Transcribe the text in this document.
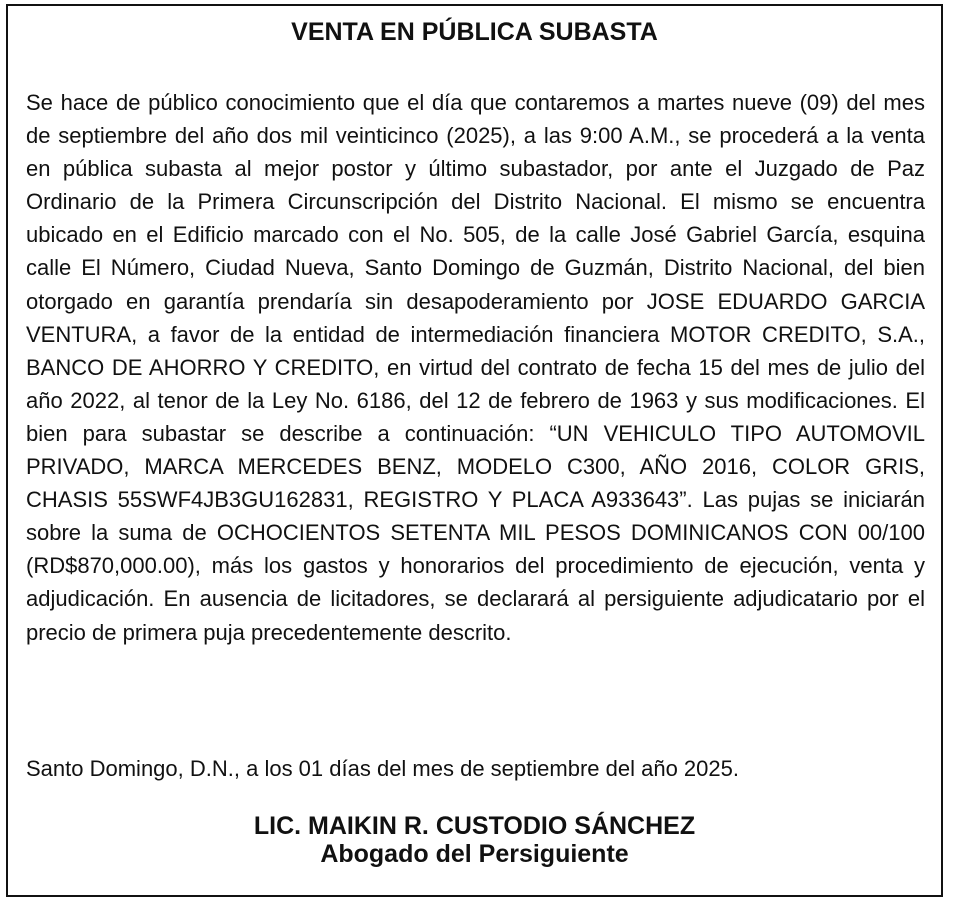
VENTA EN PÚBLICA SUBASTA

Se hace de público conocimiento que el día que contaremos a martes nueve (09) del mes de septiembre del año dos mil veinticinco (2025), a las 9:00 A.M., se procederá a la venta en pública subasta al mejor postor y último subastador, por ante el Juzgado de Paz Ordinario de la Primera Circunscripción del Distrito Nacional. El mismo se encuentra ubicado en el Edificio marcado con el No. 505, de la calle José Gabriel García, esquina calle El Número, Ciudad Nueva, Santo Domingo de Guzmán, Distrito Nacional, del bien otorgado en garantía prendaría sin desapoderamiento por JOSE EDUARDO GARCIA VENTURA, a favor de la entidad de intermediación financiera MOTOR CREDITO, S.A., BANCO DE AHORRO Y CREDITO, en virtud del contrato de fecha 15 del mes de julio del año 2022, al tenor de la Ley No. 6186, del 12 de febrero de 1963 y sus modificaciones. El bien para subastar se describe a continuación: “UN VEHICULO TIPO AUTOMOVIL PRIVADO, MARCA MERCEDES BENZ, MODELO C300, AÑO 2016, COLOR GRIS, CHASIS 55SWF4JB3GU162831, REGISTRO Y PLACA A933643”. Las pujas se iniciarán sobre la suma de OCHOCIENTOS SETENTA MIL PESOS DOMINICANOS CON 00/100 (RD$870,000.00), más los gastos y honorarios del procedimiento de ejecución, venta y adjudicación. En ausencia de licitadores, se declarará al persiguiente adjudicatario por el precio de primera puja precedentemente descrito.

Santo Domingo, D.N., a los 01 días del mes de septiembre del año 2025.

LIC. MAIKIN R. CUSTODIO SÁNCHEZ
Abogado del Persiguiente
